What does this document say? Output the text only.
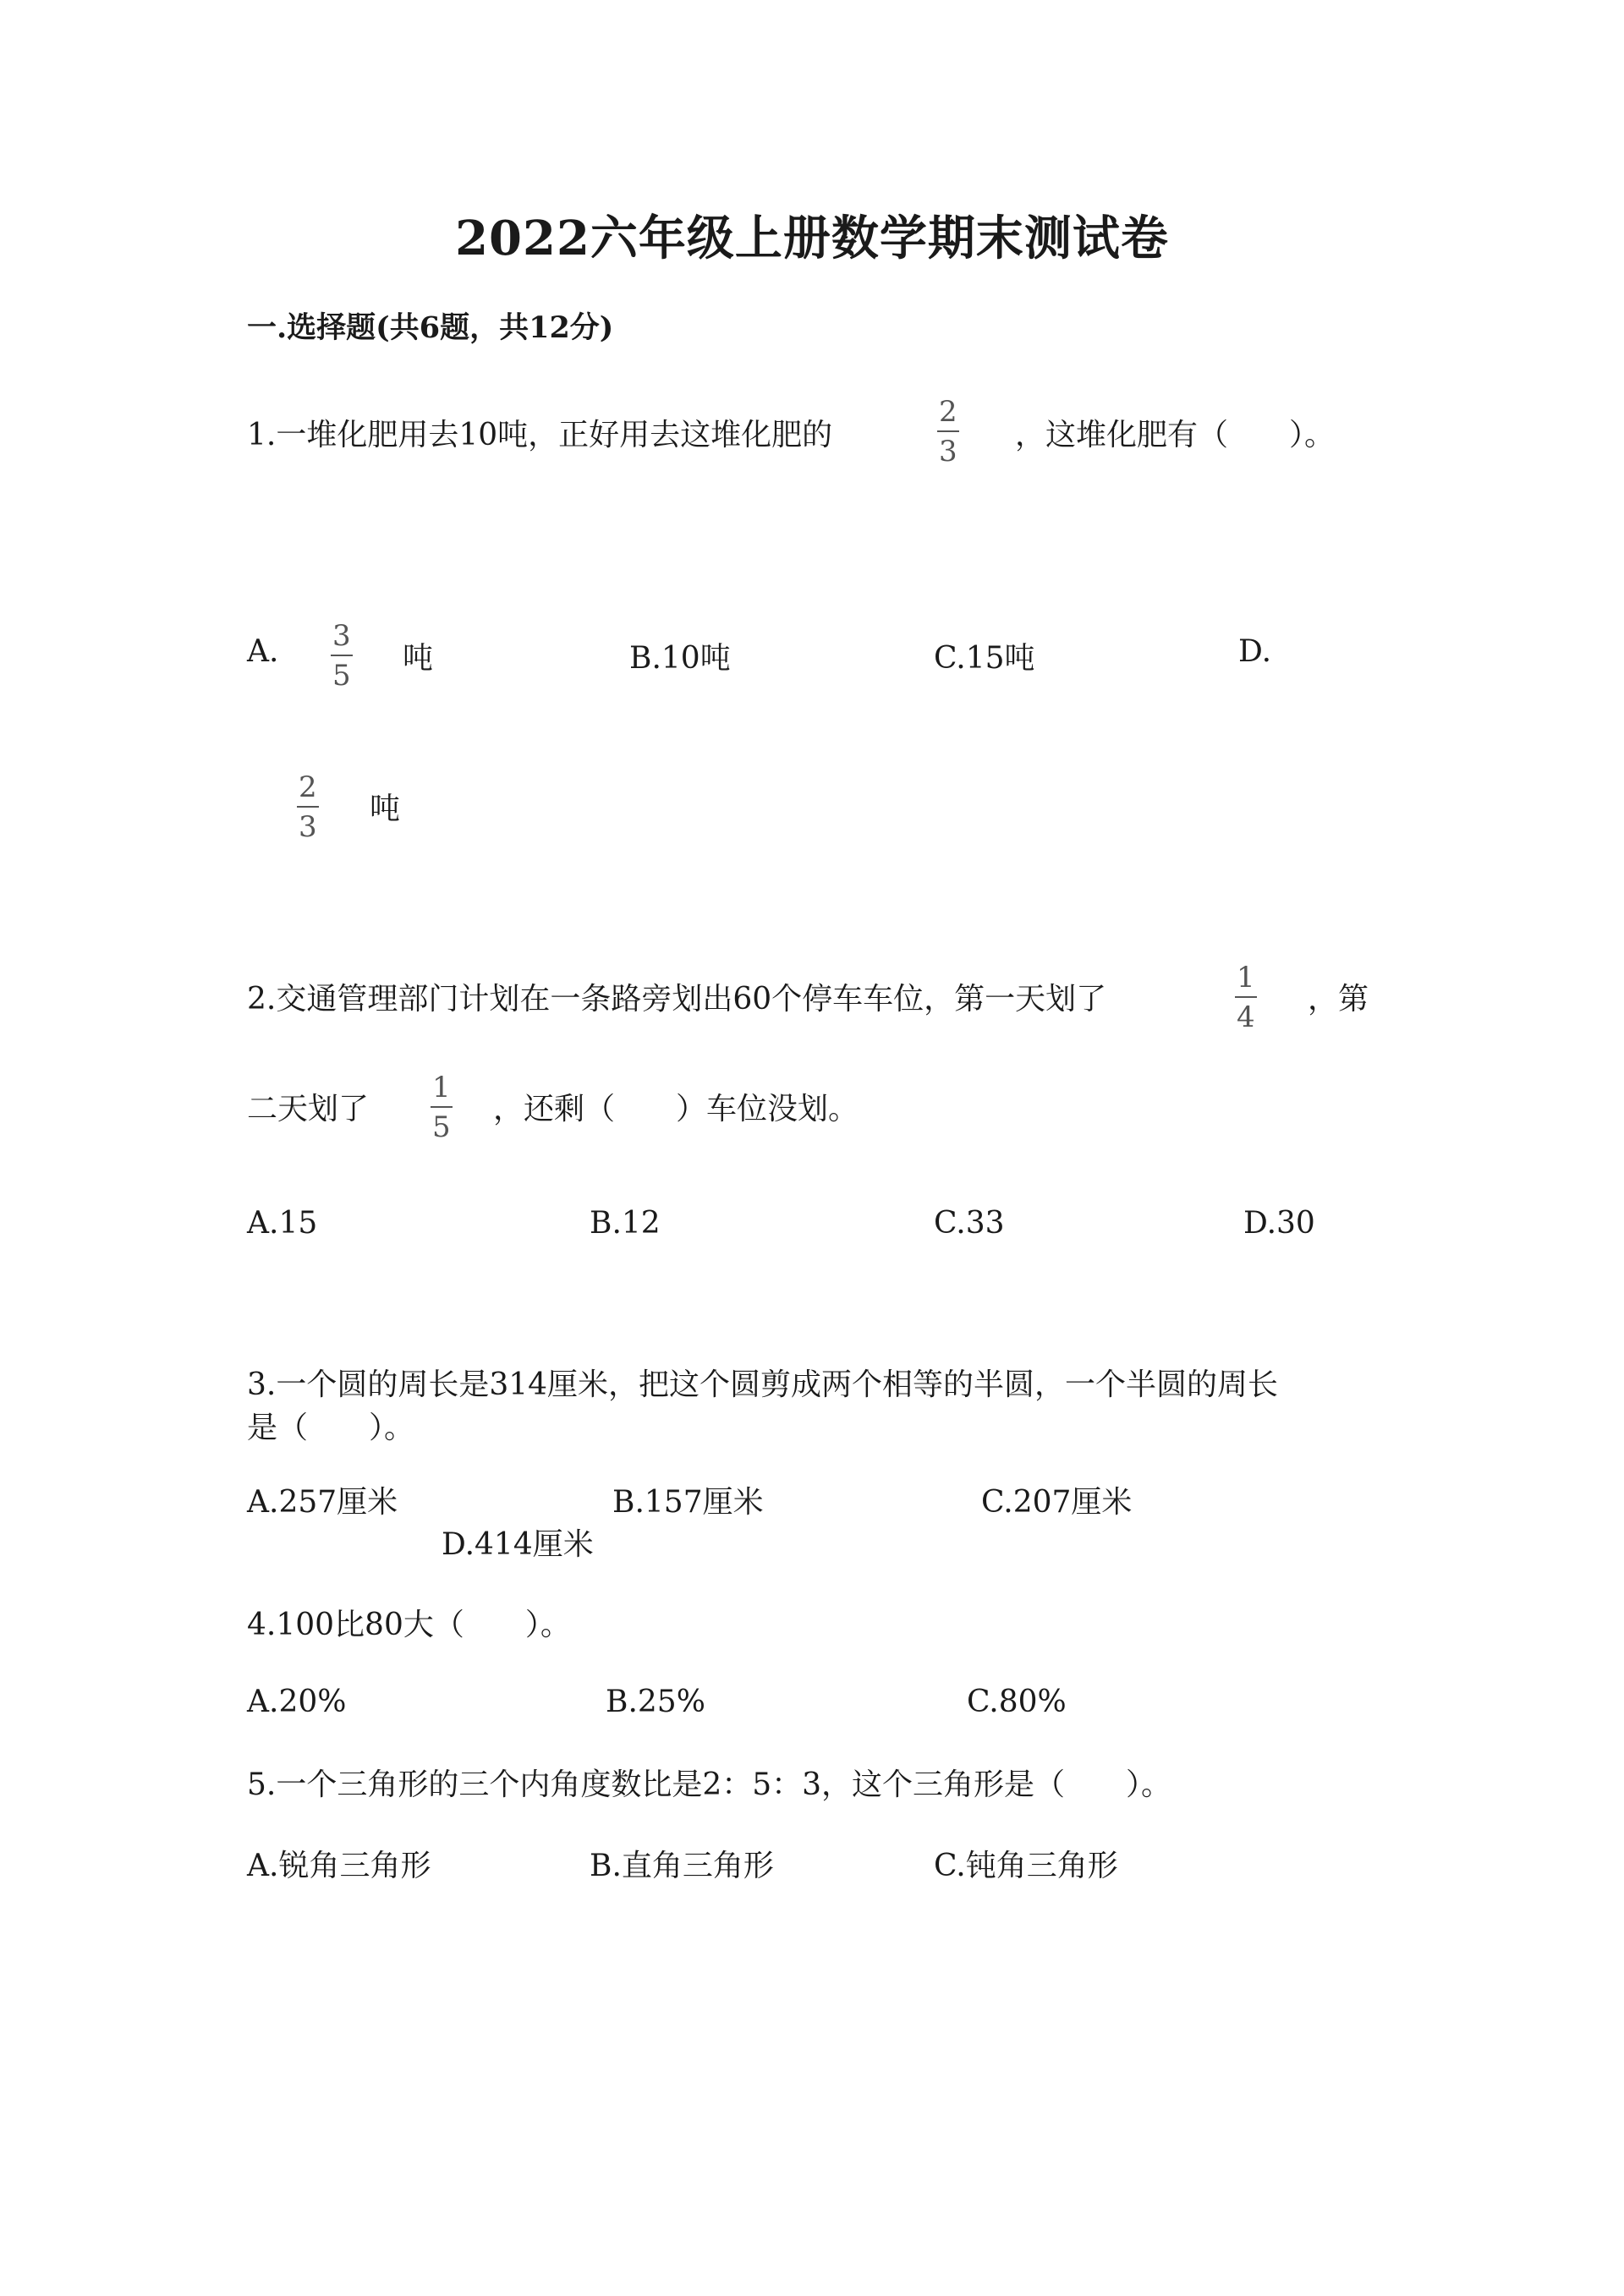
2022六年级上册数学期末测试卷
一.选择题(共6题，共12分)
1.一堆化肥用去10吨，正好用去这堆化肥的
2
3 ，这堆化肥有（　　）。
A. 3
5 吨	B.10吨	C.15吨	D.
2
3
吨
2.交通管理部门计划在一条路旁划出60个停车车位，第一天划了
1
4
，第
二天划了
1
5
，还剩（　　）车位没划。
A.15	B.12	C.33	D.30
3.一个圆的周长是314厘米，把这个圆剪成两个相等的半圆，一个半圆的周长
是（　　）。
A.257厘米	B.157厘米	C.207厘米
D.414厘米
4.100比80大（　　）。
A.20%	B.25%	C.80%
5.一个三角形的三个内角度数比是2：5：3，这个三角形是（　　）。
A.锐角三角形	B.直角三角形	C.钝角三角形
